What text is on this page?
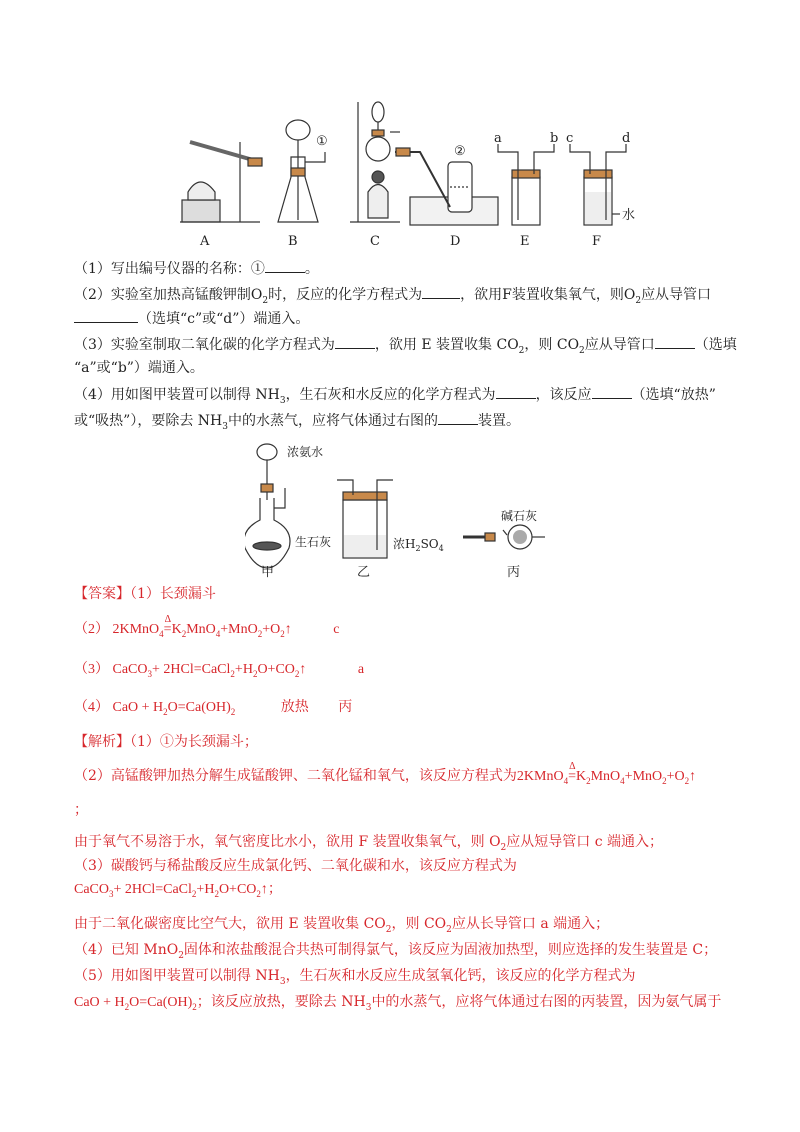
A	B	C	D	E	F
①
②
a	b c	d
水
（1）写出编号仪器的名称：①	。
（2）实验室加热高锰酸钾制$O_2$时，反应的化学方程式为	，欲用F装置收集氧气，则$O_2$应从导管口
（选填“c”或“d”）端通入。
（3）实验室制取二氧化碳的化学方程式为	，欲用 E 装置收集 $CO_2$，则 $CO_2$应从导管口	（选填
“a”或“b”）端通入。
（4）用如图甲装置可以制得 $NH_3$，生石灰和水反应的化学方程式为	，该反应	（选填“放热”
或“吸热”），要除去 $NH_3$中的水蒸气，应将气体通过右图的	装置。
浓氨水
生石灰	浓$H_2SO_4$
碱石灰
甲	乙	丙
【答案】（1）长颈漏斗
（2） 2KMnO$_4$
Δ
$=K_2MnO_4+MnO_2+O_2↑$	c
（3） CaCO$_3$+ $2HCl=CaCl_2+H_2O+CO_2↑$	a
（4） CaO + $H_2O=Ca(OH)_2$	放热 丙
【解析】（1）①为长颈漏斗；
（2）高锰酸钾加热分解生成锰酸钾、二氧化锰和氧气，该反应方程式为2KMnO$_4$
Δ
$=K_2MnO_4+MnO_2+O_2↑$
；
由于氧气不易溶于水，氧气密度比水小，欲用 F 装置收集氧气，则 $O_2$应从短导管口 c 端通入；
（3）碳酸钙与稀盐酸反应生成氯化钙、二氧化碳和水，该反应方程式为
CaCO$_3$+ $2HCl=CaCl_2+H_2O+CO_2↑$；
由于二氧化碳密度比空气大，欲用 E 装置收集 $CO_2$，则 $CO_2$应从长导管口 a 端通入；
（4）已知 MnO$_2$固体和浓盐酸混合共热可制得氯气，该反应为固液加热型，则应选择的发生装置是 C；
（5）用如图甲装置可以制得 $NH_3$，生石灰和水反应生成氢氧化钙，该反应的化学方程式为
CaO + $H_2O=Ca(OH)_2$；该反应放热，要除去 $NH_3$中的水蒸气，应将气体通过右图的丙装置，因为氨气属于
